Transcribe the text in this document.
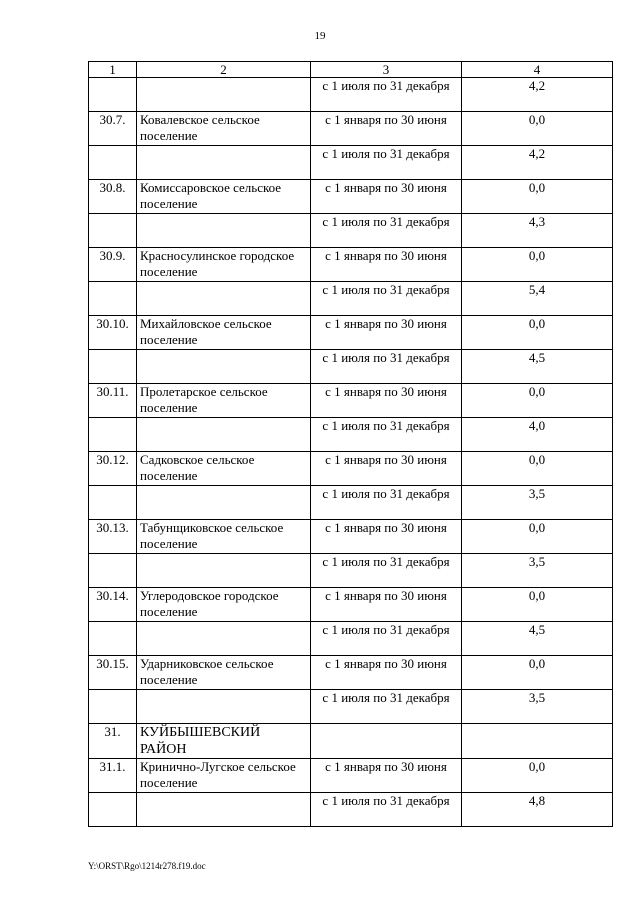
19
1	2	3	4
		с 1 июля по 31 декабря	4,2
30.7.	Ковалевское сельское поселение	с 1 января по 30 июня	0,0
		с 1 июля по 31 декабря	4,2
30.8.	Комиссаровское сельское поселение	с 1 января по 30 июня	0,0
		с 1 июля по 31 декабря	4,3
30.9.	Красносулинское городское поселение	с 1 января по 30 июня	0,0
		с 1 июля по 31 декабря	5,4
30.10.	Михайловское сельское поселение	с 1 января по 30 июня	0,0
		с 1 июля по 31 декабря	4,5
30.11.	Пролетарское сельское поселение	с 1 января по 30 июня	0,0
		с 1 июля по 31 декабря	4,0
30.12.	Садковское сельское поселение	с 1 января по 30 июня	0,0
		с 1 июля по 31 декабря	3,5
30.13.	Табунщиковское сельское поселение	с 1 января по 30 июня	0,0
		с 1 июля по 31 декабря	3,5
30.14.	Углеродовское городское поселение	с 1 января по 30 июня	0,0
		с 1 июля по 31 декабря	4,5
30.15.	Ударниковское сельское поселение	с 1 января по 30 июня	0,0
		с 1 июля по 31 декабря	3,5
31.	КУЙБЫШЕВСКИЙ РАЙОН		
31.1.	Кринично-Лугское сельское поселение	с 1 января по 30 июня	0,0
		с 1 июля по 31 декабря	4,8
Y:\ORST\Rgo\1214r278.f19.doc
